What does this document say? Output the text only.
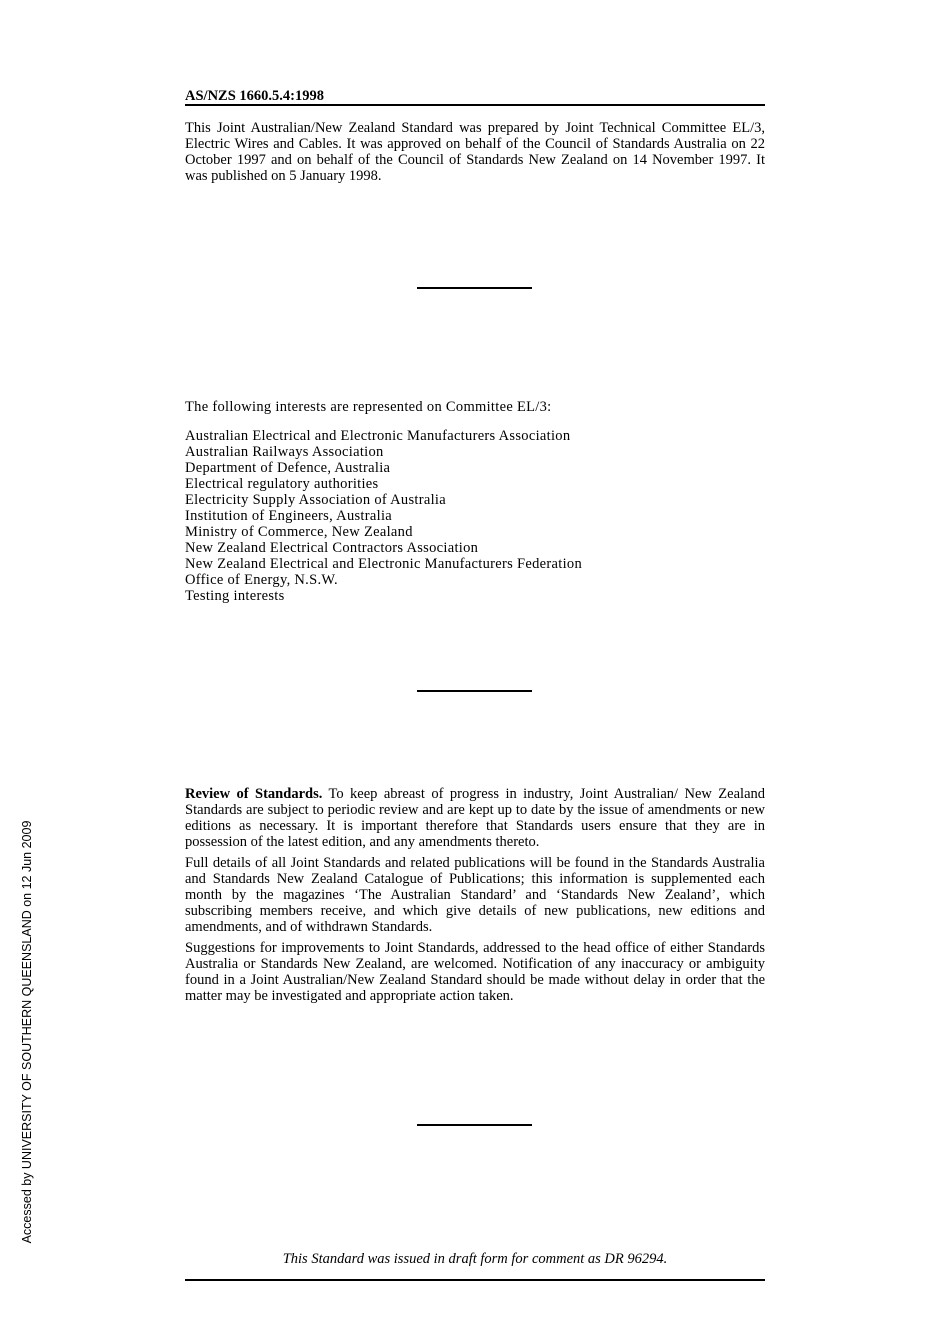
AS/NZS 1660.5.4:1998

This Joint Australian/New Zealand Standard was prepared by Joint Technical Committee EL/3, Electric Wires and Cables. It was approved on behalf of the Council of Standards Australia on 22 October 1997 and on behalf of the Council of Standards New Zealand on 14 November 1997. It was published on 5 January 1998.

The following interests are represented on Committee EL/3:
Australian Electrical and Electronic Manufacturers Association
Australian Railways Association
Department of Defence, Australia
Electrical regulatory authorities
Electricity Supply Association of Australia
Institution of Engineers, Australia
Ministry of Commerce, New Zealand
New Zealand Electrical Contractors Association
New Zealand Electrical and Electronic Manufacturers Federation
Office of Energy, N.S.W.
Testing interests

Review of Standards. To keep abreast of progress in industry, Joint Australian/ New Zealand Standards are subject to periodic review and are kept up to date by the issue of amendments or new editions as necessary. It is important therefore that Standards users ensure that they are in possession of the latest edition, and any amendments thereto.

Full details of all Joint Standards and related publications will be found in the Standards Australia and Standards New Zealand Catalogue of Publications; this information is supplemented each month by the magazines ‘The Australian Standard’ and ‘Standards New Zealand’, which subscribing members receive, and which give details of new publications, new editions and amendments, and of withdrawn Standards.

Suggestions for improvements to Joint Standards, addressed to the head office of either Standards Australia or Standards New Zealand, are welcomed. Notification of any inaccuracy or ambiguity found in a Joint Australian/New Zealand Standard should be made without delay in order that the matter may be investigated and appropriate action taken.

This Standard was issued in draft form for comment as DR 96294.
Accessed by UNIVERSITY OF SOUTHERN QUEENSLAND on 12 Jun 2009
